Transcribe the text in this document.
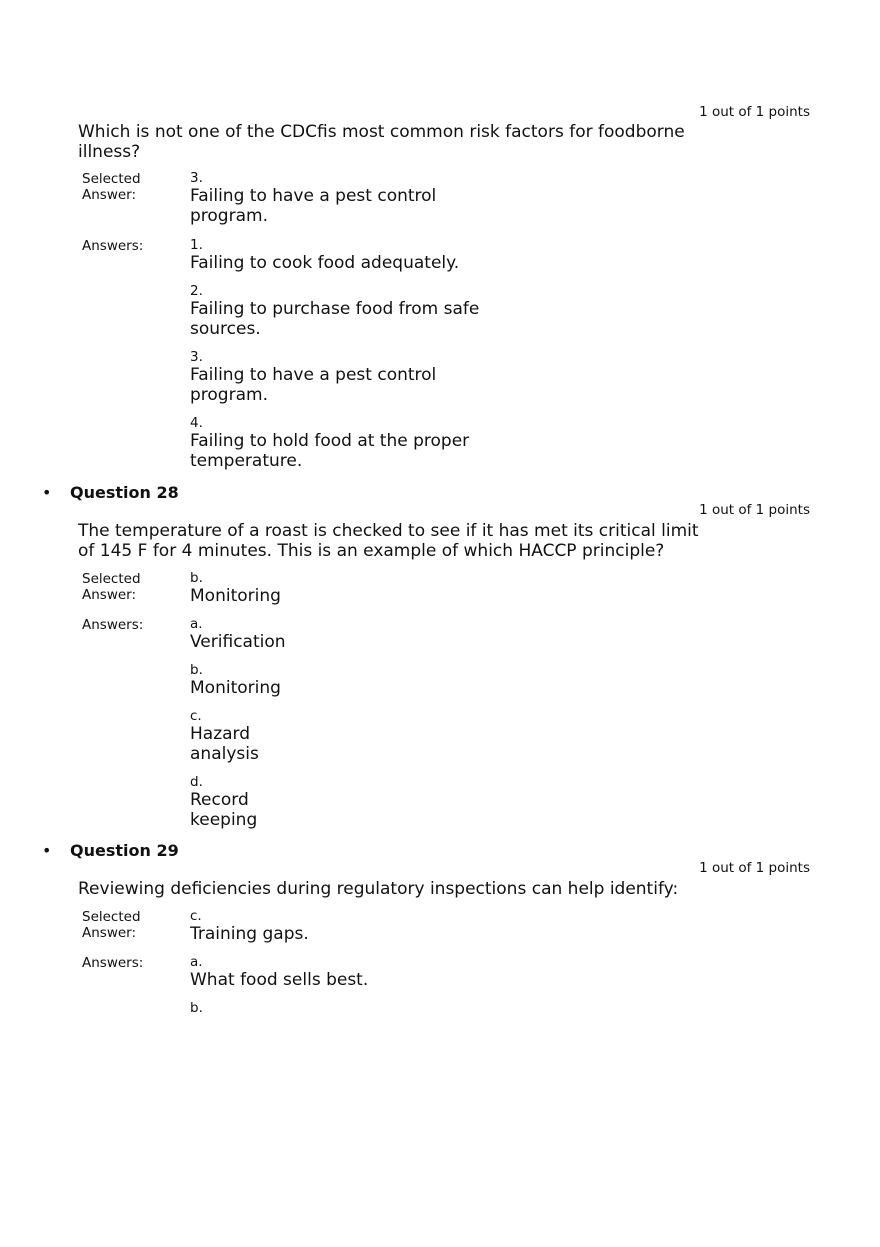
1 out of 1 points
Which is not one of the CDCfis most common risk factors for foodborne illness?
Selected Answer:
3.
Failing to have a pest control program.
Answers:	1.
Failing to cook food adequately.
2.
Failing to purchase food from safe sources.
3.
Failing to have a pest control program.
4.
Failing to hold food at the proper temperature.
• Question 28
1 out of 1 points
The temperature of a roast is checked to see if it has met its critical limit of 145 F for 4 minutes. This is an example of which HACCP principle?
Selected Answer:
b.
Monitoring
Answers:	a.
Verification
b.
Monitoring
c.
Hazard analysis
d.
Record keeping
• Question 29
1 out of 1 points
Reviewing deficiencies during regulatory inspections can help identify:
Selected Answer:
c.
Training gaps.
Answers:	a.
What food sells best.
b.
